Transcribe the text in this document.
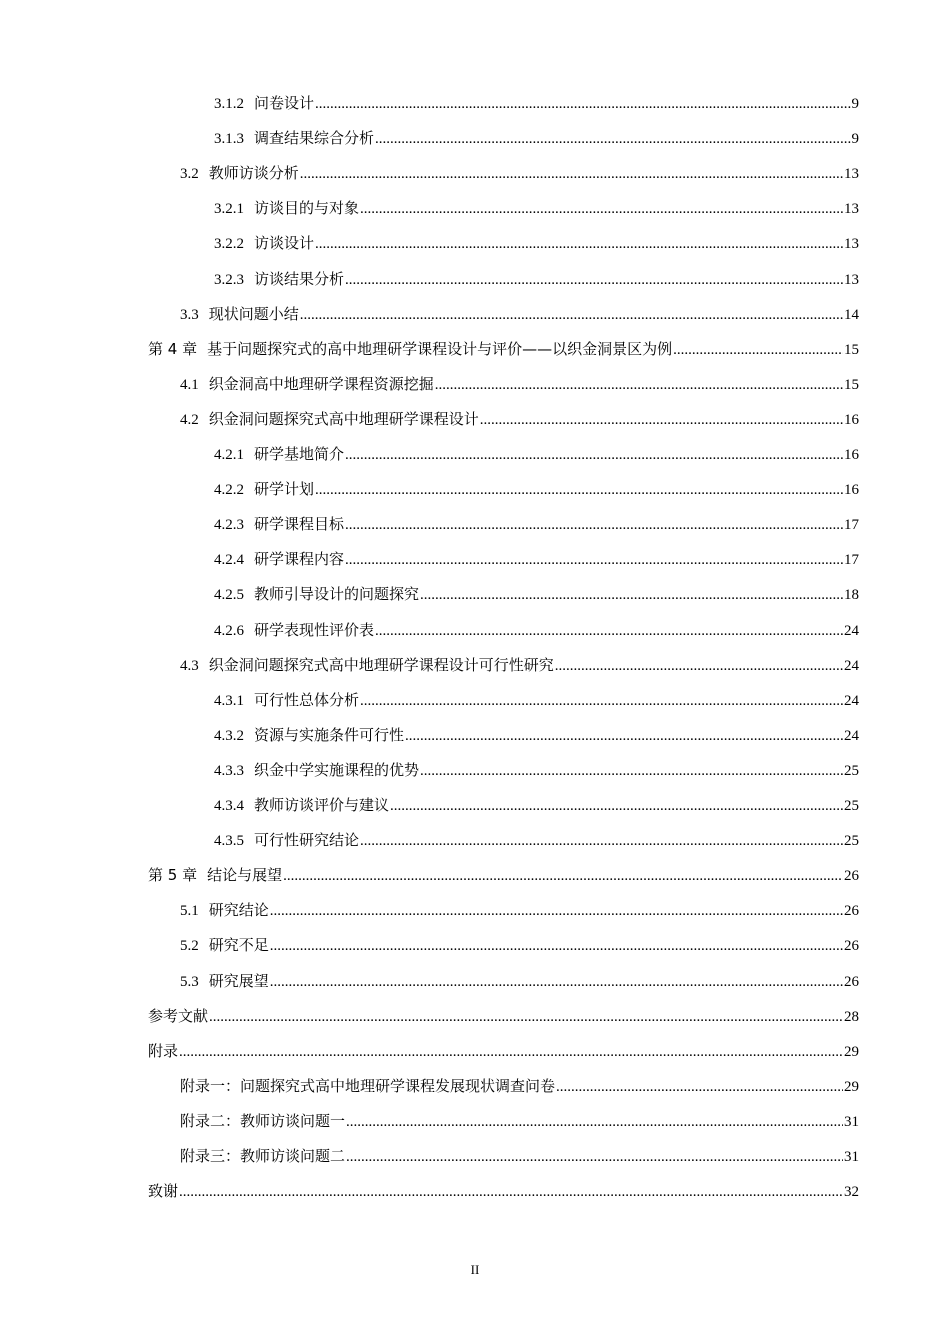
3.1.2 问卷设计 .....	9
3.1.3 调查结果综合分析 .....	9
3.2 教师访谈分析 .....	13
3.2.1 访谈目的与对象 .....	13
3.2.2 访谈设计 .....	13
3.2.3 访谈结果分析 .....	13
3.3 现状问题小结 .....	14
第 4 章 基于问题探究式的高中地理研学课程设计与评价——以织金洞景区为例 .....	15
4.1 织金洞高中地理研学课程资源挖掘 .....	15
4.2 织金洞问题探究式高中地理研学课程设计 .....	16
4.2.1 研学基地简介 .....	16
4.2.2 研学计划 .....	16
4.2.3 研学课程目标 .....	17
4.2.4 研学课程内容 .....	17
4.2.5 教师引导设计的问题探究 .....	18
4.2.6 研学表现性评价表 .....	24
4.3 织金洞问题探究式高中地理研学课程设计可行性研究 .....	24
4.3.1 可行性总体分析 .....	24
4.3.2 资源与实施条件可行性 .....	24
4.3.3 织金中学实施课程的优势 .....	25
4.3.4 教师访谈评价与建议 .....	25
4.3.5 可行性研究结论 .....	25
第 5 章 结论与展望 .....	26
5.1 研究结论 .....	26
5.2 研究不足 .....	26
5.3 研究展望 .....	26
参考文献 .....	28
附录 .....	29
附录一：问题探究式高中地理研学课程发展现状调查问卷 .....	29
附录二：教师访谈问题一 .....	31
附录三：教师访谈问题二 .....	31
致谢 .....	32
II
